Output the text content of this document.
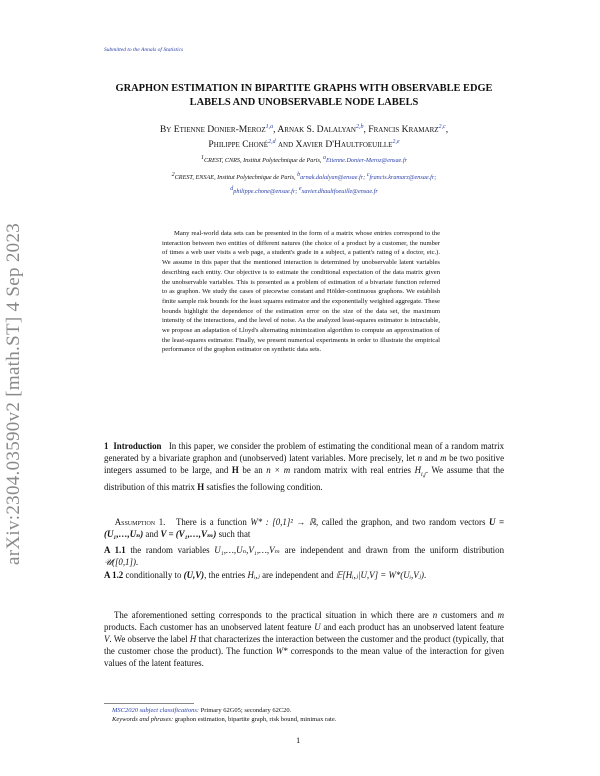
Submitted to the Annals of Statistics
arXiv:2304.03590v2 [math.ST] 4 Sep 2023
GRAPHON ESTIMATION IN BIPARTITE GRAPHS WITH OBSERVABLE EDGE LABELS AND UNOBSERVABLE NODE LABELS
By Etienne Donier-Meroz$^{1,a}$, Arnak S. Dalalyan$^{2,b}$, Francis Kramarz$^{2,c}$,
Philippe Choné$^{2,d}$ and Xavier D'Haultfoeuille$^{2,e}$
1CREST, CNRS, Institut Polytechnique de Paris, aEtienne.Donier-Meroz@ensae.fr
2CREST, ENSAE, Institut Polytechnique de Paris, barnak.dalalyan@ensae.fr; cfrancis.kramarz@ensae.fr;
dphilippe.chone@ensae.fr; exavier.dhaultfoeuille@ensae.fr
Many real-world data sets can be presented in the form of a matrix whose entries correspond to the interaction between two entities of different natures (the choice of a product by a customer, the number of times a web user visits a web page, a student's grade in a subject, a patient's rating of a doctor, etc.). We assume in this paper that the mentioned interaction is determined by unobservable latent variables describing each entity. Our objective is to estimate the conditional expectation of the data matrix given the unobservable variables. This is presented as a problem of estimation of a bivariate function referred to as graphon. We study the cases of piecewise constant and Hölder-continuous graphons. We establish finite sample risk bounds for the least squares estimator and the exponentially weighted aggregate. These bounds highlight the dependence of the estimation error on the size of the data set, the maximum intensity of the interactions, and the level of noise. As the analyzed least-squares estimator is intractable, we propose an adaptation of Lloyd's alternating minimization algorithm to compute an approximation of the least-squares estimator. Finally, we present numerical experiments in order to illustrate the empirical performance of the graphon estimator on synthetic data sets.
1 Introduction In this paper, we consider the problem of estimating the conditional mean of a random matrix generated by a bivariate graphon and (unobserved) latent variables. More precisely, let n and m be two positive integers assumed to be large, and H be an n × m random matrix with real entries $H_{i,j}$. We assume that the distribution of this matrix H satisfies the following condition.
Assumption 1. There is a function W* : [0,1]² → ℝ, called the graphon, and two random vectors U = (U₁,…,Uₙ) and V = (V₁,…,Vₘ) such that
A 1.1 the random variables U₁,…,Uₙ,V₁,…,Vₘ are independent and drawn from the uniform distribution 𝒰([0,1]).
A 1.2 conditionally to (U,V), the entries Hᵢ,ⱼ are independent and 𝔼[Hᵢ,ⱼ|U,V] = W*(Uᵢ,Vⱼ).
The aforementioned setting corresponds to the practical situation in which there are n customers and m products. Each customer has an unobserved latent feature U and each product has an unobserved latent feature V. We observe the label H that characterizes the interaction between the customer and the product (typically, that the customer chose the product). The function W* corresponds to the mean value of the interaction for given values of the latent features.
MSC2020 subject classifications: Primary 62G05; secondary 62C20.
Keywords and phrases: graphon estimation, bipartite graph, risk bound, minimax rate.
1
